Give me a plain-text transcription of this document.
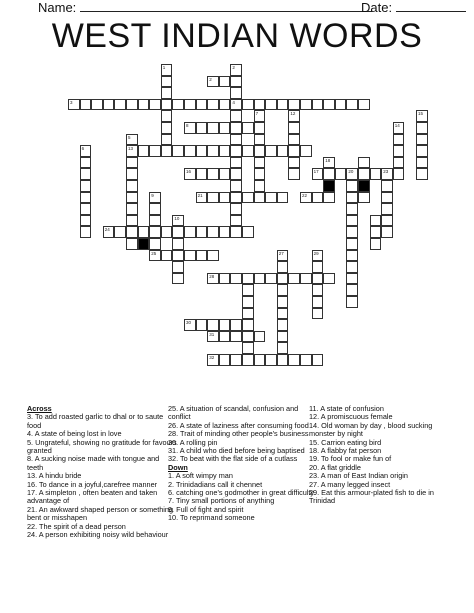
Name:	Date:
WEST INDIAN WORDS
3	4
2
8
13
16	17	20	23
21	22
24
25
28
30
31
32
1	2
6
5
9
10
7	12
18
14
15
29
27
Across
3. To add roasted garlic to dhal or to saute food
4. A state of being lost in love
5. Ungrateful, showing no gratitude for favours granted
8. A sucking noise made with tongue and teeth
13. A hindu bride
16. To dance in a joyful,carefree manner
17. A simpleton , often beaten and taken advantage of
21. An awkward shaped person or something bent or misshapen
22. The spirit of a dead person
24. A person exhibiting noisy wild behaviour
25. A situation of scandal, confusion and conflict
26. A state of laziness after consuming food
28. Trait of minding other people's business
30. A rolling pin
31. A child who died before being baptised
32. To beat with the flat side of a cutlass
Down
1. A soft wimpy man
2. Trinidadians call it chennet
6. catching one's godmother in great difficulty
7. Tiny small portions of anything
9. Full of fight and spirit
10. To reprimand someone
11. A state of confusion
12. A promiscuous female
14. Old woman by day , blood sucking monster by night
15. Carrion eating bird
18. A flabby fat person
19. To fool or make fun of
20. A flat griddle
23. A man of East Indian origin
27. A many legged insect
29. Eat this armour-plated fish to die in Trinidad
